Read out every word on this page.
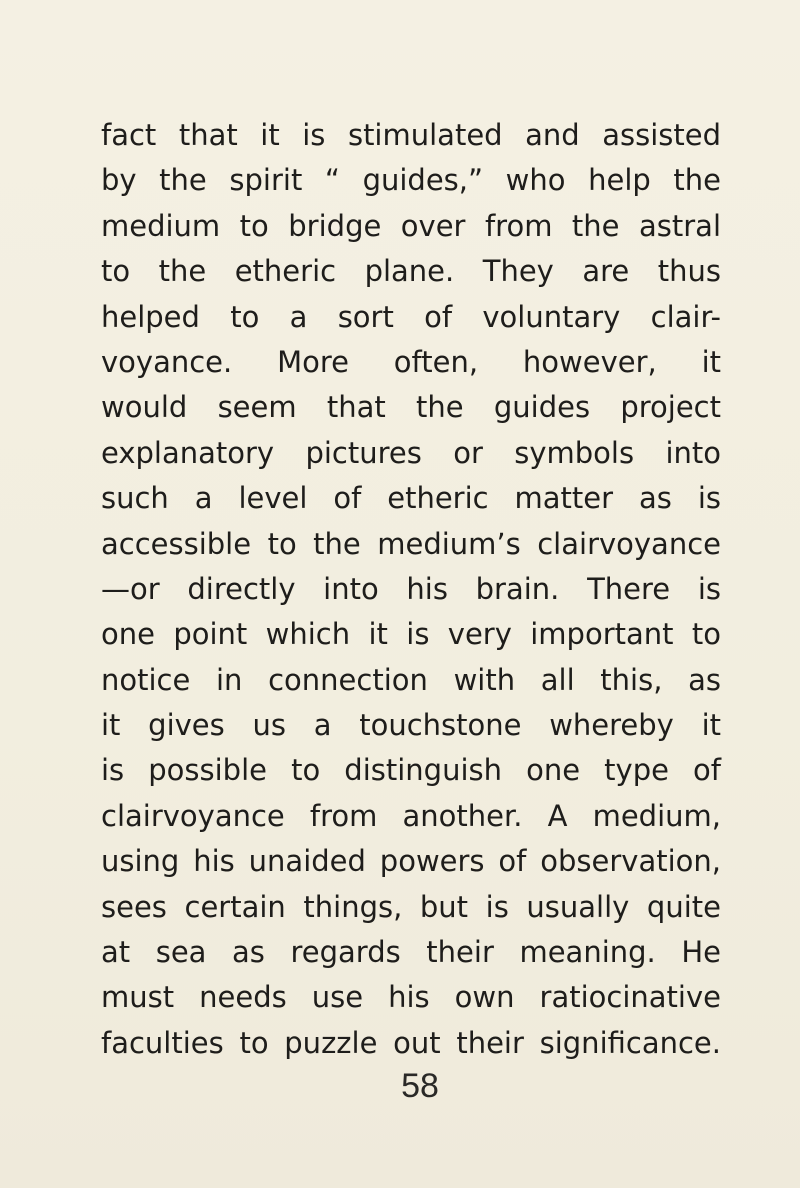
fact that it is stimulated and assisted
by the spirit “ guides,” who help the
medium to bridge over from the astral
to the etheric plane. They are thus
helped to a sort of voluntary clair-
voyance. More often, however, it
would seem that the guides project
explanatory pictures or symbols into
such a level of etheric matter as is
accessible to the medium’s clairvoyance
—or directly into his brain. There is
one point which it is very important to
notice in connection with all this, as
it gives us a touchstone whereby it
is possible to distinguish one type of
clairvoyance from another. A medium,
using his unaided powers of observation,
sees certain things, but is usually quite
at sea as regards their meaning. He
must needs use his own ratiocinative
faculties to puzzle out their significance.
58
